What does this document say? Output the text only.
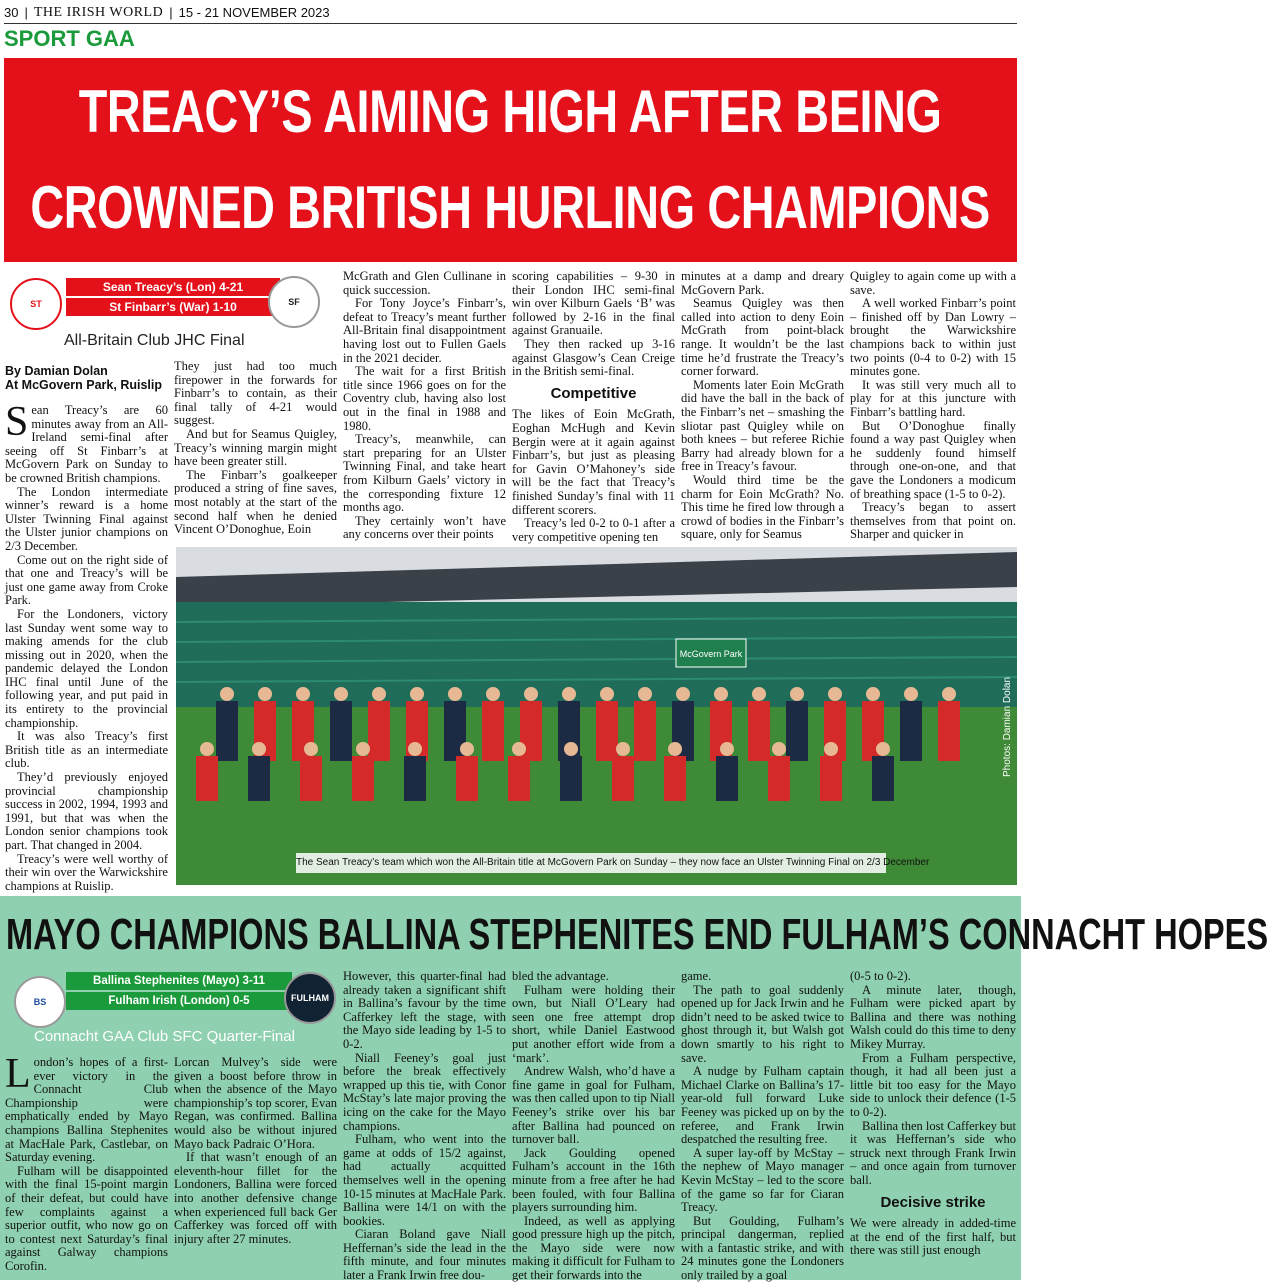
30 | THE IRISH WORLD | 15 - 21 NOVEMBER 2023
SPORT GAA
TREACY’S AIMING HIGH AFTER BEING
CROWNED BRITISH HURLING CHAMPIONS
ST
Sean Treacy’s (Lon) 4-21
St Finbarr’s (War) 1-10	SF
All-Britain Club JHC Final
By Damian Dolan
At McGovern Park, Ruislip

Sean Treacy’s are 60 minutes away from an All-Ireland semi-final after seeing off St Finbarr’s at McGovern Park on Sunday to be crowned British champions.

The London intermediate winner’s reward is a home Ulster Twinning Final against the Ulster junior champions on 2/3 December.

Come out on the right side of that one and Treacy’s will be just one game away from Croke Park.

For the Londoners, victory last Sunday went some way to making amends for the club missing out in 2020, when the pandemic delayed the London IHC final until June of the following year, and put paid in its entirety to the provincial championship.

It was also Treacy’s first British title as an intermediate club.

They’d previously enjoyed provincial championship success in 2002, 1994, 1993 and 1991, but that was when the London senior champions took part. That changed in 2004.

Treacy’s were well worthy of their win over the Warwickshire champions at Ruislip.

They just had too much firepower in the forwards for Finbarr’s to contain, as their final tally of 4-21 would suggest.

And but for Seamus Quigley, Treacy’s winning margin might have been greater still.

The Finbarr’s goalkeeper produced a string of fine saves, most notably at the start of the second half when he denied Vincent O’Donoghue, Eoin

McGrath and Glen Cullinane in quick succession.

For Tony Joyce’s Finbarr’s, defeat to Treacy’s meant further All-Britain final disappointment having lost out to Fullen Gaels in the 2021 decider.

The wait for a first British title since 1966 goes on for the Coventry club, having also lost out in the final in 1988 and 1980.

Treacy’s, meanwhile, can start preparing for an Ulster Twinning Final, and take heart from Kilburn Gaels’ victory in the corresponding fixture 12 months ago.

They certainly won’t have any concerns over their points

scoring capabilities – 9-30 in their London IHC semi-final win over Kilburn Gaels ‘B’ was followed by 2-16 in the final against Granuaile.

They then racked up 3-16 against Glasgow’s Cean Creige in the British semi-final.

Competitive

The likes of Eoin McGrath, Eoghan McHugh and Kevin Bergin were at it again against Finbarr’s, but just as pleasing for Gavin O’Mahoney’s side will be the fact that Treacy’s finished Sunday’s final with 11 different scorers.

Treacy’s led 0-2 to 0-1 after a very competitive opening ten

minutes at a damp and dreary McGovern Park.

Seamus Quigley was then called into action to deny Eoin McGrath from point-black range. It wouldn’t be the last time he’d frustrate the Treacy’s corner forward.

Moments later Eoin McGrath did have the ball in the back of the Finbarr’s net – smashing the sliotar past Quigley while on both knees – but referee Richie Barry had already blown for a free in Treacy’s favour.

Would third time be the charm for Eoin McGrath? No. This time he fired low through a crowd of bodies in the Finbarr’s square, only for Seamus

Quigley to again come up with a save.

A well worked Finbarr’s point – finished off by Dan Lowry – brought the Warwickshire champions back to within just two points (0-4 to 0-2) with 15 minutes gone.

It was still very much all to play for at this juncture with Finbarr’s battling hard.

But O’Donoghue finally found a way past Quigley when he suddenly found himself through one-on-one, and that gave the Londoners a modicum of breathing space (1-5 to 0-2).

Treacy’s began to assert themselves from that point on. Sharper and quicker in

McGovern Park
The Sean Treacy’s team which won the All-Britain title at McGovern Park on Sunday – they now face an Ulster Twinning Final on 2/3 December
Photos: Damian Dolan
MAYO CHAMPIONS BALLINA STEPHENITES END FULHAM’S CONNACHT HOPES
BS
Ballina Stephenites (Mayo) 3-11
Fulham Irish (London) 0-5	FULHAM
Connacht GAA Club SFC Quarter-Final

London’s hopes of a first-ever victory in the Connacht Club Championship were emphatically ended by Mayo champions Ballina Stephenites at MacHale Park, Castlebar, on Saturday evening.

Fulham will be disappointed with the final 15-point margin of their defeat, but could have few complaints against a superior outfit, who now go on to contest next Saturday’s final against Galway champions Corofin.

Lorcan Mulvey’s side were given a boost before throw in when the absence of the Mayo championship’s top scorer, Evan Regan, was confirmed. Ballina would also be without injured Mayo back Padraic O’Hora.

If that wasn’t enough of an eleventh-hour fillet for the Londoners, Ballina were forced into another defensive change when experienced full back Ger Cafferkey was forced off with injury after 27 minutes.

However, this quarter-final had already taken a significant shift in Ballina’s favour by the time Cafferkey left the stage, with the Mayo side leading by 1-5 to 0-2.

Niall Feeney’s goal just before the break effectively wrapped up this tie, with Conor McStay’s late major proving the icing on the cake for the Mayo champions.

Fulham, who went into the game at odds of 15/2 against, had actually acquitted themselves well in the opening 10-15 minutes at MacHale Park. Ballina were 14/1 on with the bookies.

Ciaran Boland gave Niall Heffernan’s side the lead in the fifth minute, and four minutes later a Frank Irwin free dou-

bled the advantage.

Fulham were holding their own, but Niall O’Leary had seen one free attempt drop short, while Daniel Eastwood put another effort wide from a ‘mark’.

Andrew Walsh, who’d have a fine game in goal for Fulham, was then called upon to tip Niall Feeney’s strike over his bar after Ballina had pounced on turnover ball.

Jack Goulding opened Fulham’s account in the 16th minute from a free after he had been fouled, with four Ballina players surrounding him.

Indeed, as well as applying good pressure high up the pitch, the Mayo side were now making it difficult for Fulham to get their forwards into the

game.

The path to goal suddenly opened up for Jack Irwin and he didn’t need to be asked twice to ghost through it, but Walsh got down smartly to his right to save.

A nudge by Fulham captain Michael Clarke on Ballina’s 17-year-old full forward Luke Feeney was picked up on by the referee, and Frank Irwin despatched the resulting free.

A super lay-off by McStay – the nephew of Mayo manager Kevin McStay – led to the score of the game so far for Ciaran Treacy.

But Goulding, Fulham’s principal dangerman, replied with a fantastic strike, and with 24 minutes gone the Londoners only trailed by a goal

(0-5 to 0-2).

A minute later, though, Fulham were picked apart by Ballina and there was nothing Walsh could do this time to deny Mikey Murray.

From a Fulham perspective, though, it had all been just a little bit too easy for the Mayo side to unlock their defence (1-5 to 0-2).

Ballina then lost Cafferkey but it was Heffernan’s side who struck next through Frank Irwin – and once again from turnover ball.

Decisive strike

We were already in added-time at the end of the first half, but there was still just enough
